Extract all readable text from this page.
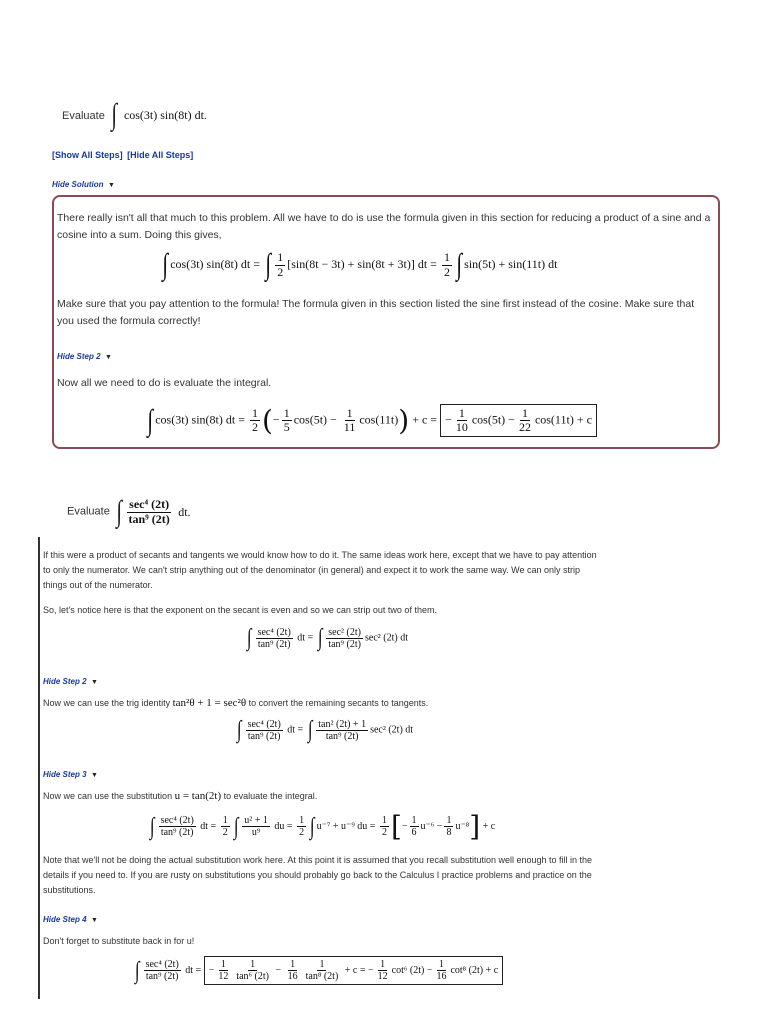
Evaluate ∫ cos(3t) sin(8t) dt.
[Show All Steps] [Hide All Steps]
Hide Solution ▼
There really isn't all that much to this problem. All we have to do is use the formula given in this section for reducing a product of a sine and a
cosine into a sum. Doing this gives,
∫ cos(3t) sin(8t) dt = ∫ $\frac{1}{2} [\sin(8t - 3t) + \sin(8t + 3t)]$ dt = $\frac{1}{2}$ ∫ sin(5t) + sin(11t) dt
Make sure that you pay attention to the formula! The formula given in this section listed the sine first instead of the cosine. Make sure that
you used the formula correctly!
Hide Step 2 ▼
Now all we need to do is evaluate the integral.
∫ cos(3t) sin(8t) dt = $\frac{1}{2}$ (− $\frac{1}{5} \cos(5t) - \frac{1}{11} \cos(11t)) + c$ = − $\frac{1}{10} \cos(5t) - \frac{1}{22} \cos(11t) + c$
Evaluate ∫ $\frac{\text{sec⁴ (2t)}}{\text{tan⁹ (2t)}}$ dt.
If this were a product of secants and tangents we would know how to do it. The same ideas work here, except that we have to pay attention
to only the numerator. We can't strip anything out of the denominator (in general) and expect it to work the same way. We can only strip
things out of the numerator.
So, let's notice here is that the exponent on the secant is even and so we can strip out two of them.
∫ $\frac{\text{sec⁴ (2t)}}{\text{tan⁹ (2t)}}$ dt = ∫ $\frac{\text{sec² (2t)}}{\text{tan⁹ (2t)}} \sec^2$ (2t) dt
Hide Step 2 ▼
Now we can use the trig identity tan²θ + 1 = sec²θ to convert the remaining secants to tangents.
∫ $\frac{\text{sec⁴ (2t)}}{\text{tan⁹ (2t)}}$ dt = ∫ $\frac{\text{tan² (2t) + 1}}{\text{tan⁹ (2t)}} \sec^2$ (2t) dt
Hide Step 3 ▼
Now we can use the substitution u = tan(2t) to evaluate the integral.
∫ $\frac{\text{sec⁴ (2t)}}{\text{tan⁹ (2t)}}$ dt = $\frac{1}{2}$ ∫ $\frac{\text{u² + 1}}{\text{u⁹}}$ du = $\frac{1}{2}$ ∫ u⁻⁷ + u⁻⁹ du = $\frac{1}{2}$ [− $\frac{1}{6} u^{-6} - \frac{1}{8} u^{-8}] + c$
Note that we'll not be doing the actual substitution work here. At this point it is assumed that you recall substitution well enough to fill in the
details if you need to. If you are rusty on substitutions you should probably go back to the Calculus I practice problems and practice on the
substitutions.
Hide Step 4 ▼
Don't forget to substitute back in for u!
∫ $\frac{\text{sec⁴ (2t)}}{\text{tan⁹ (2t)}}$ dt = − $\frac{1}{12} \frac{1}{\text{tan⁶ (2t)}} - \frac{1}{16} \frac{1}{\text{tan⁸ (2t)}} + c$ = − $\frac{1}{12} \cot^6$ $(2t) - \frac{1}{16} \cot^8$ (2t) + c
